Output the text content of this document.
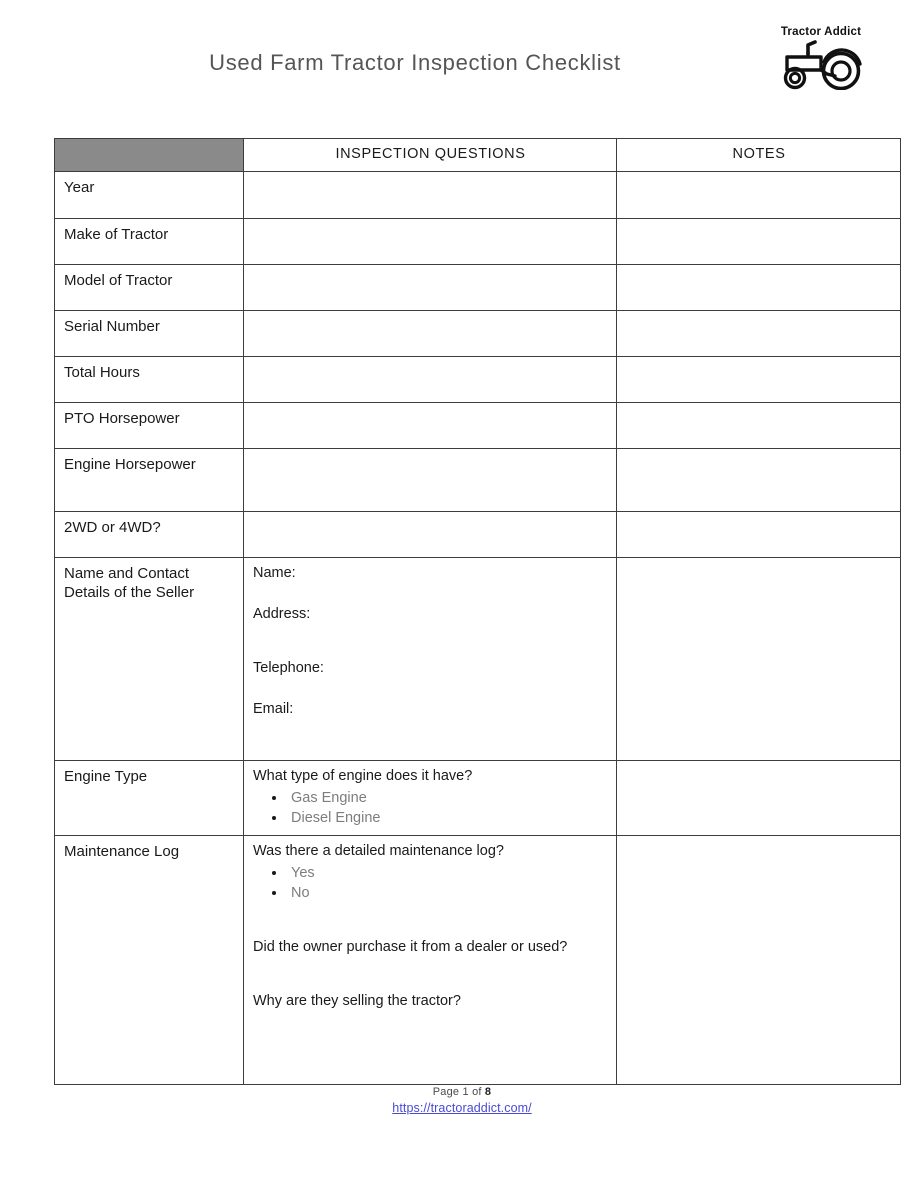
Used Farm Tractor Inspection Checklist
Tractor Addict
	INSPECTION QUESTIONS	NOTES
Year		
Make of Tractor		
Model of Tractor		
Serial Number		
Total Hours		
PTO Horsepower		
Engine Horsepower		
2WD or 4WD?		
Name and Contact Details of the Seller	Name:
Address:
Telephone:
Email:	

Engine Type	What type of engine does it have?
• Gas Engine
• Diesel Engine

Maintenance Log	Was there a detailed maintenance log?
• Yes
• No
Did the owner purchase it from a dealer or used?
Why are they selling the tractor?

Page 1 of 8
https://tractoraddict.com/
